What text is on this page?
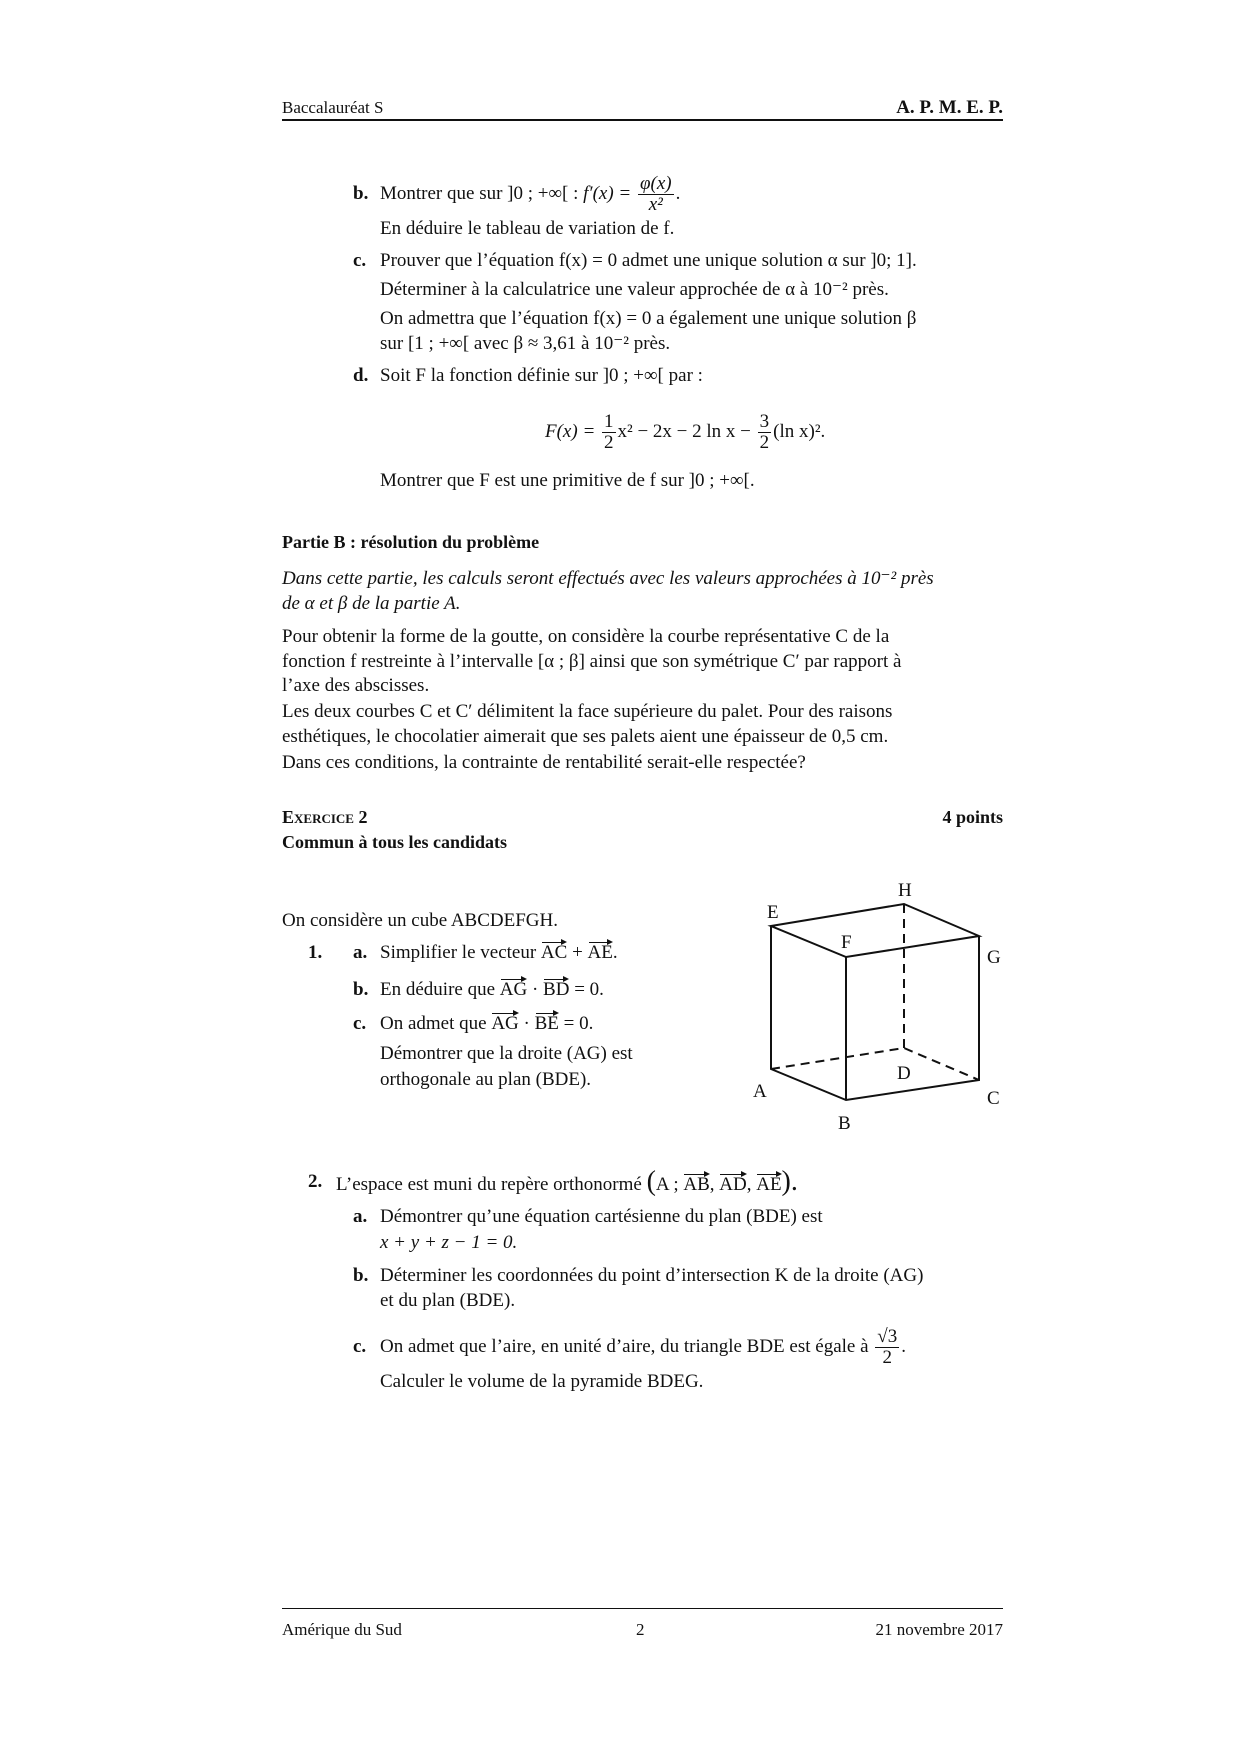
Baccalauréat S	A. P. M. E. P.
b. Montrer que sur ]0 ; +∞[ : $f'(x) = \frac{\varphi(x)}{\text{x²}}$ .
En déduire le tableau de variation de f.
c. Prouver que l’équation f(x) = 0 admet une unique solution α sur ]0; 1].
Déterminer à la calculatrice une valeur approchée de α à 10⁻² près.
On admettra que l’équation f(x) = 0 a également une unique solution β
sur [1 ; +∞[ avec β ≈ 3,61 à 10⁻² près.
d. Soit F la fonction définie sur ]0 ; +∞[ par :
$F(x) = \frac{1}{2} x^2 - 2x - 2$ $\ln x - \frac{3}{2} (\ln$ x)².
Montrer que F est une primitive de f sur ]0 ; +∞[.
Partie B : résolution du problème
Dans cette partie, les calculs seront effectués avec les valeurs approchées à 10⁻² près
de α et β de la partie A.
Pour obtenir la forme de la goutte, on considère la courbe représentative C de la
fonction f restreinte à l’intervalle [α ; β] ainsi que son symétrique C′ par rapport à
l’axe des abscisses.
Les deux courbes C et C′ délimitent la face supérieure du palet. Pour des raisons
esthétiques, le chocolatier aimerait que ses palets aient une épaisseur de 0,5 cm.
Dans ces conditions, la contrainte de rentabilité serait-elle respectée?
Exercice 2	4 points
Commun à tous les candidats
On considère un cube ABCDEFGH.
1. a. Simplifier le vecteur AC + AE.
b. En déduire que AG · BD = 0.
c. On admet que AG · BE = 0.
Démontrer que la droite (AG) est
orthogonale au plan (BDE).
A
B
C
D
E
F
G
H
2. L’espace est muni du repère orthonormé (A ; AB, AD, AE).
a. Démontrer qu’une équation cartésienne du plan (BDE) est
x + y + z − 1 = 0.
b. Déterminer les coordonnées du point d’intersection K de la droite (AG)
et du plan (BDE).
c. On admet que l’aire, en unité d’aire, du triangle BDE est égale à $\frac{√3}{2}$ .
Calculer le volume de la pyramide BDEG.
Amérique du Sud	2	21 novembre 2017
